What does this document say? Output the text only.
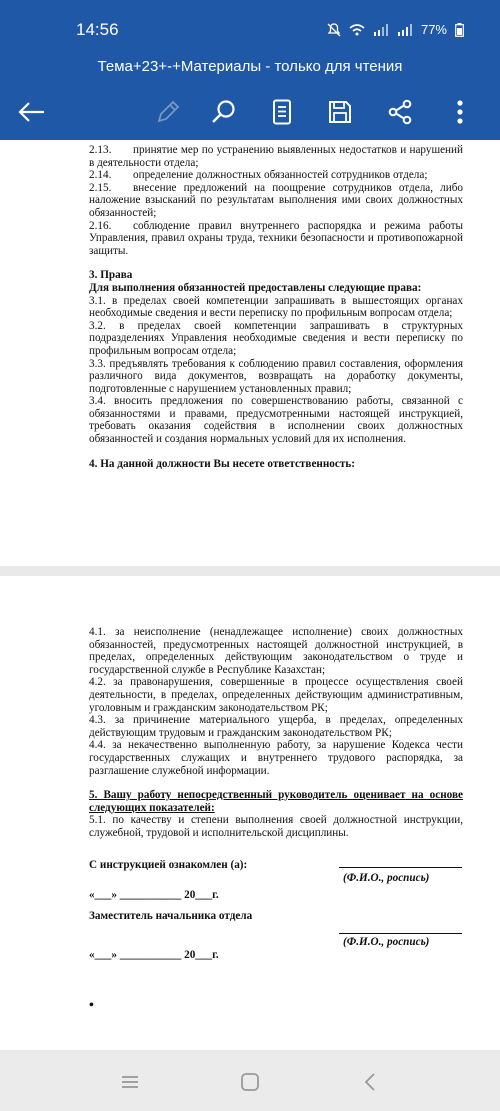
14:56	77%
Тема+23+-+Материалы - только для чтения

2.13. принятие мер по устранению выявленных недостатков и нарушений в деятельности отдела;

2.14. определение должностных обязанностей сотрудников отдела;

2.15. внесение предложений на поощрение сотрудников отдела, либо наложение взысканий по результатам выполнения ими своих должностных обязанностей;

2.16. соблюдение правил внутреннего распорядка и режима работы Управления, правил охраны труда, техники безопасности и противопожарной защиты.

3. Права

Для выполнения обязанностей предоставлены следующие права:

3.1. в пределах своей компетенции запрашивать в вышестоящих органах необходимые сведения и вести переписку по профильным вопросам отдела;

3.2. в пределах своей компетенции запрашивать в структурных подразделениях Управления необходимые сведения и вести переписку по профильным вопросам отдела;

3.3. предъявлять требования к соблюдению правил составления, оформления различного вида документов, возвращать на доработку документы, подготовленные с нарушением установленных правил;

3.4. вносить предложения по совершенствованию работы, связанной с обязанностями и правами, предусмотренными настоящей инструкцией, требовать оказания содействия в исполнении своих должностных обязанностей и создания нормальных условий для их исполнения.

4. На данной должности Вы несете ответственность:

4.1. за неисполнение (ненадлежащее исполнение) своих должностных обязанностей, предусмотренных настоящей должностной инструкцией, в пределах, определенных действующим законодательством о труде и государственной службе в Республике Казахстан;

4.2. за правонарушения, совершенные в процессе осуществления своей деятельности, в пределах, определенных действующим административным, уголовным и гражданским законодательством РК;

4.3. за причинение материального ущерба, в пределах, определенных действующим трудовым и гражданским законодательством РК;

4.4. за некачественно выполненную работу, за нарушение Кодекса чести государственных служащих и внутреннего трудового распорядка, за разглашение служебной информации.

5. Вашу работу непосредственный руководитель оценивает на основе следующих показателей:

5.1. по качеству и степени выполнения своей должностной инструкции, служебной, трудовой и исполнительской дисциплины.

С инструкцией ознакомлен (а):
(Ф.И.О., роспись)
«___» ___________ 20___г.
Заместитель начальника отдела
(Ф.И.О., роспись)
«___» ___________ 20___г.
•
